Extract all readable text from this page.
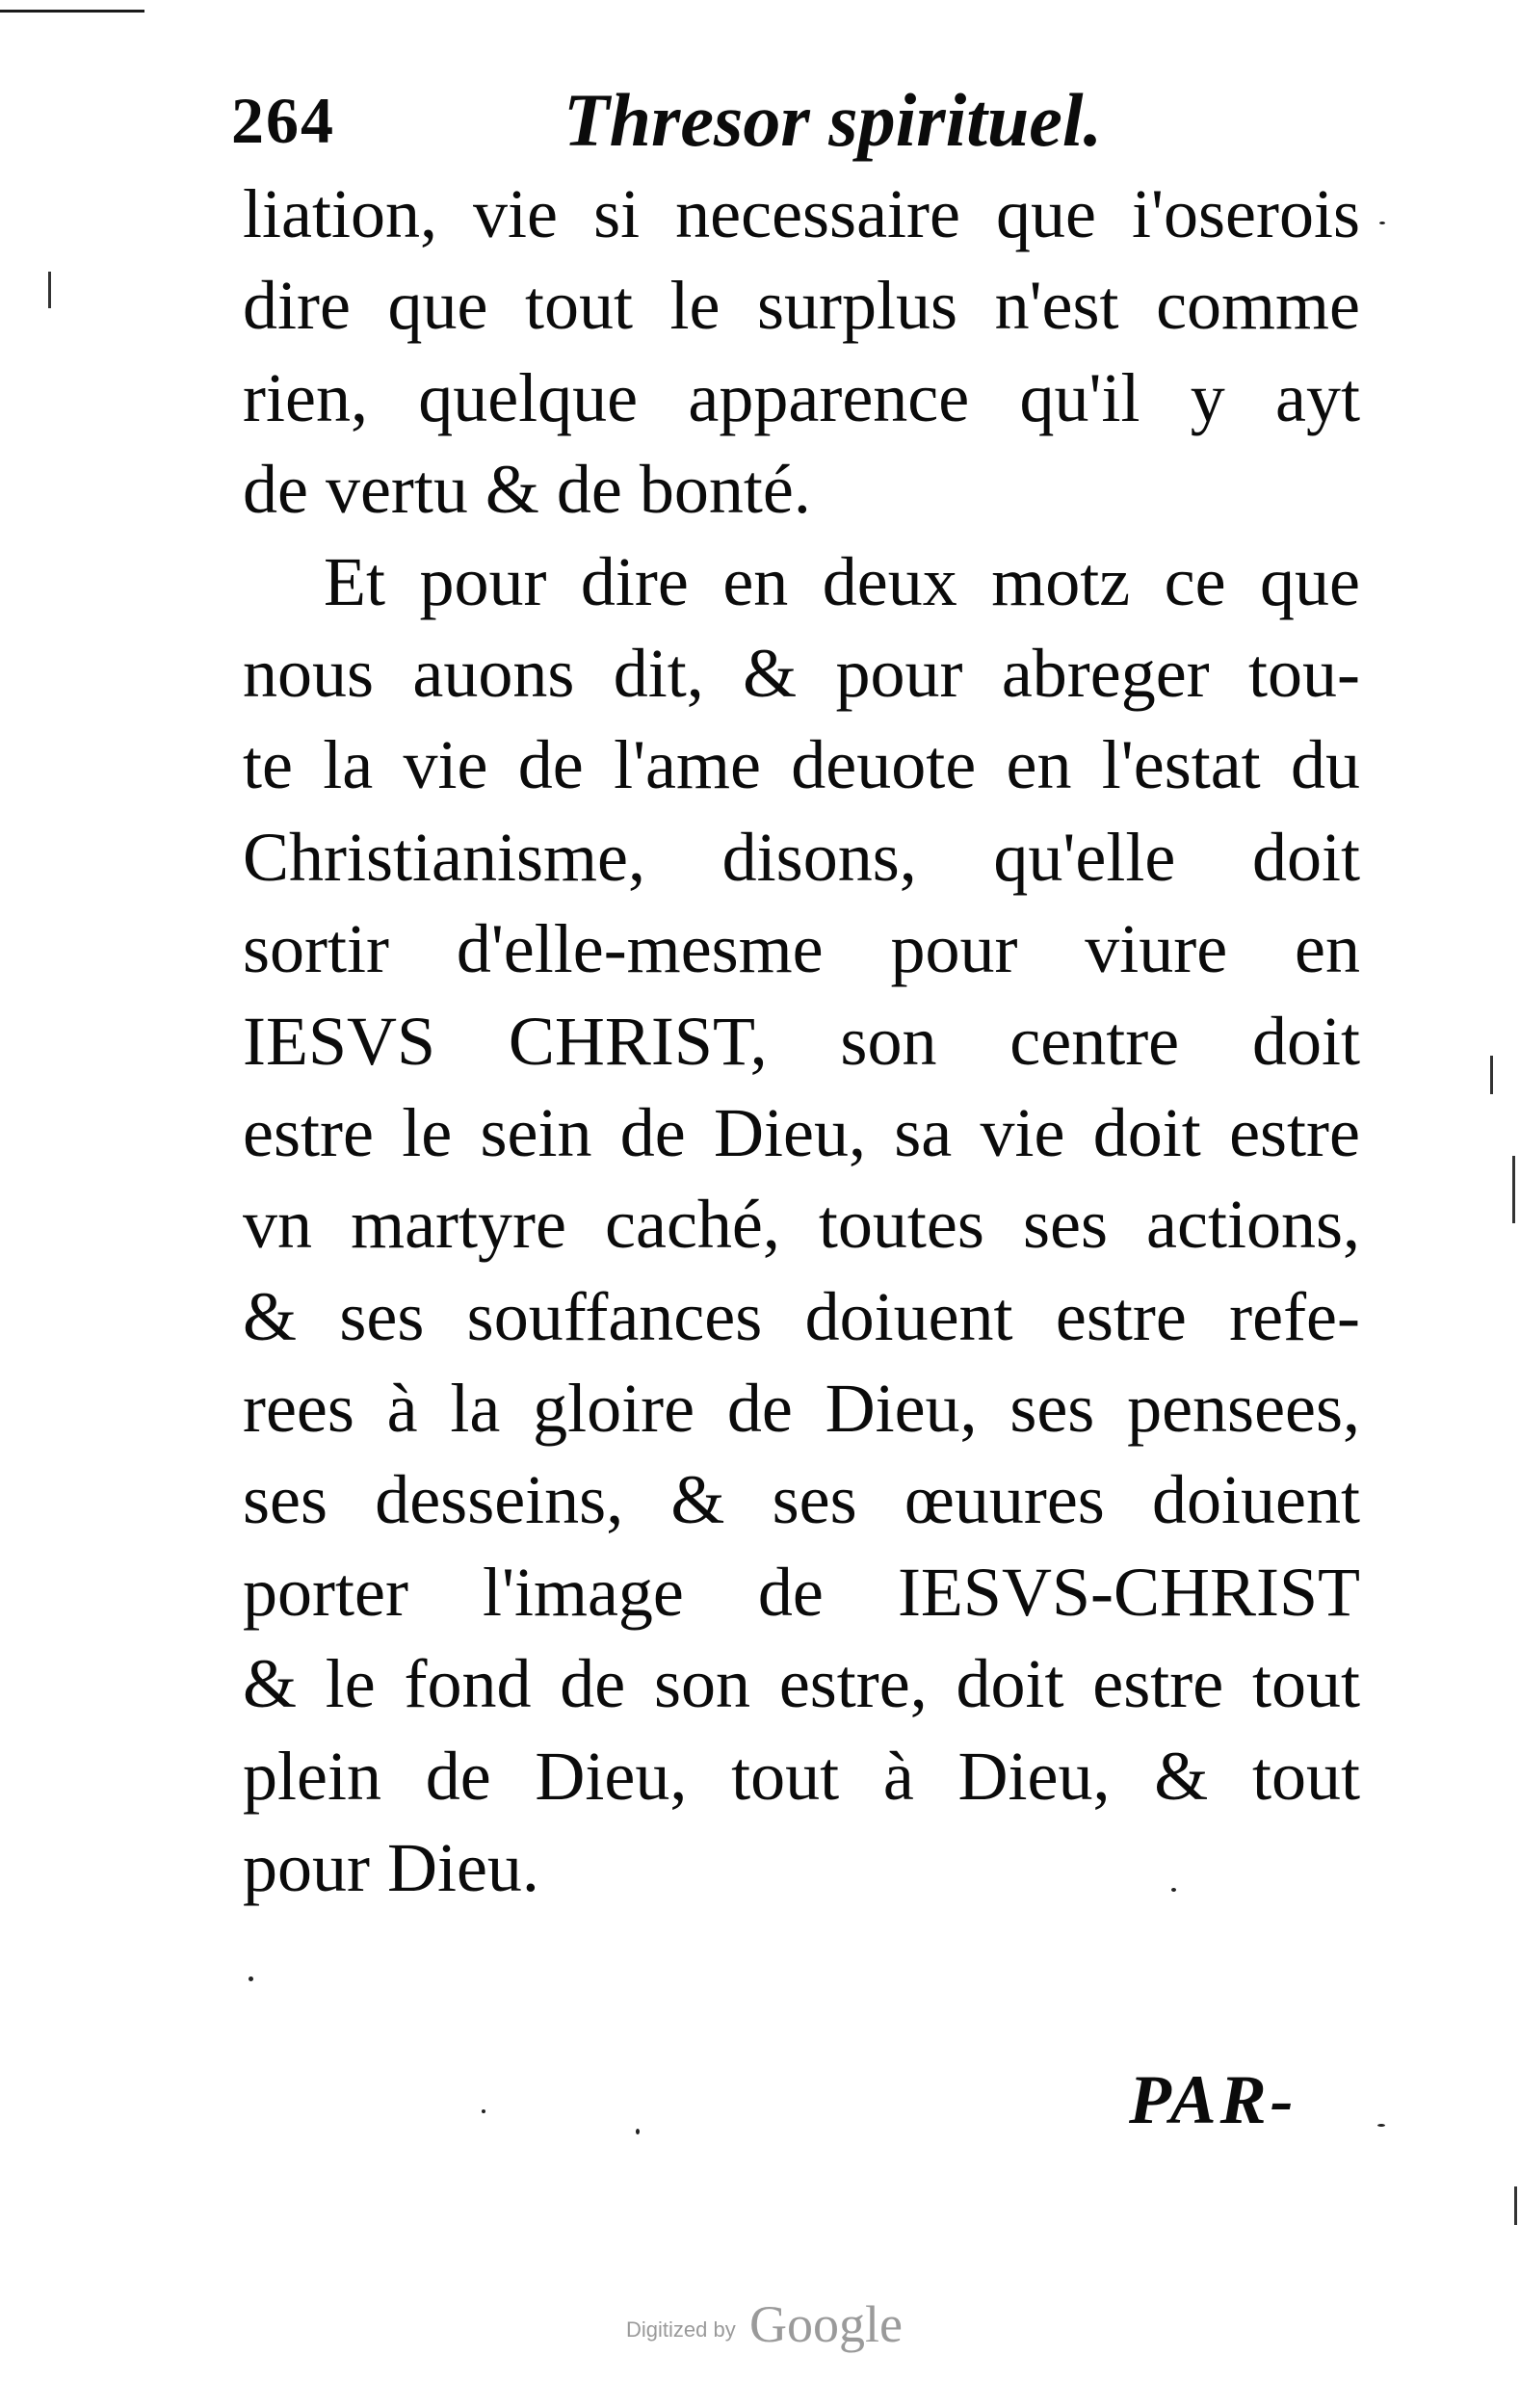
264	Thresor spirituel.
liation, vie si necessaire que i'oserois
dire que tout le surplus n'est comme
rien, quelque apparence qu'il y ayt
de vertu & de bonté.
Et pour dire en deux motz ce que
nous auons dit, & pour abreger tou-
te la vie de l'ame deuote en l'estat du
Christianisme, disons, qu'elle doit
sortir d'elle-mesme pour viure en
IESVS CHRIST, son centre doit
estre le sein de Dieu, sa vie doit estre
vn martyre caché, toutes ses actions,
& ses souffances doiuent estre refe-
rees à la gloire de Dieu, ses pensees,
ses desseins, & ses œuures doiuent
porter l'image de IESVS-CHRIST
& le fond de son estre, doit estre tout
plein de Dieu, tout à Dieu, & tout
pour Dieu.
PAR-
Digitized by Google
